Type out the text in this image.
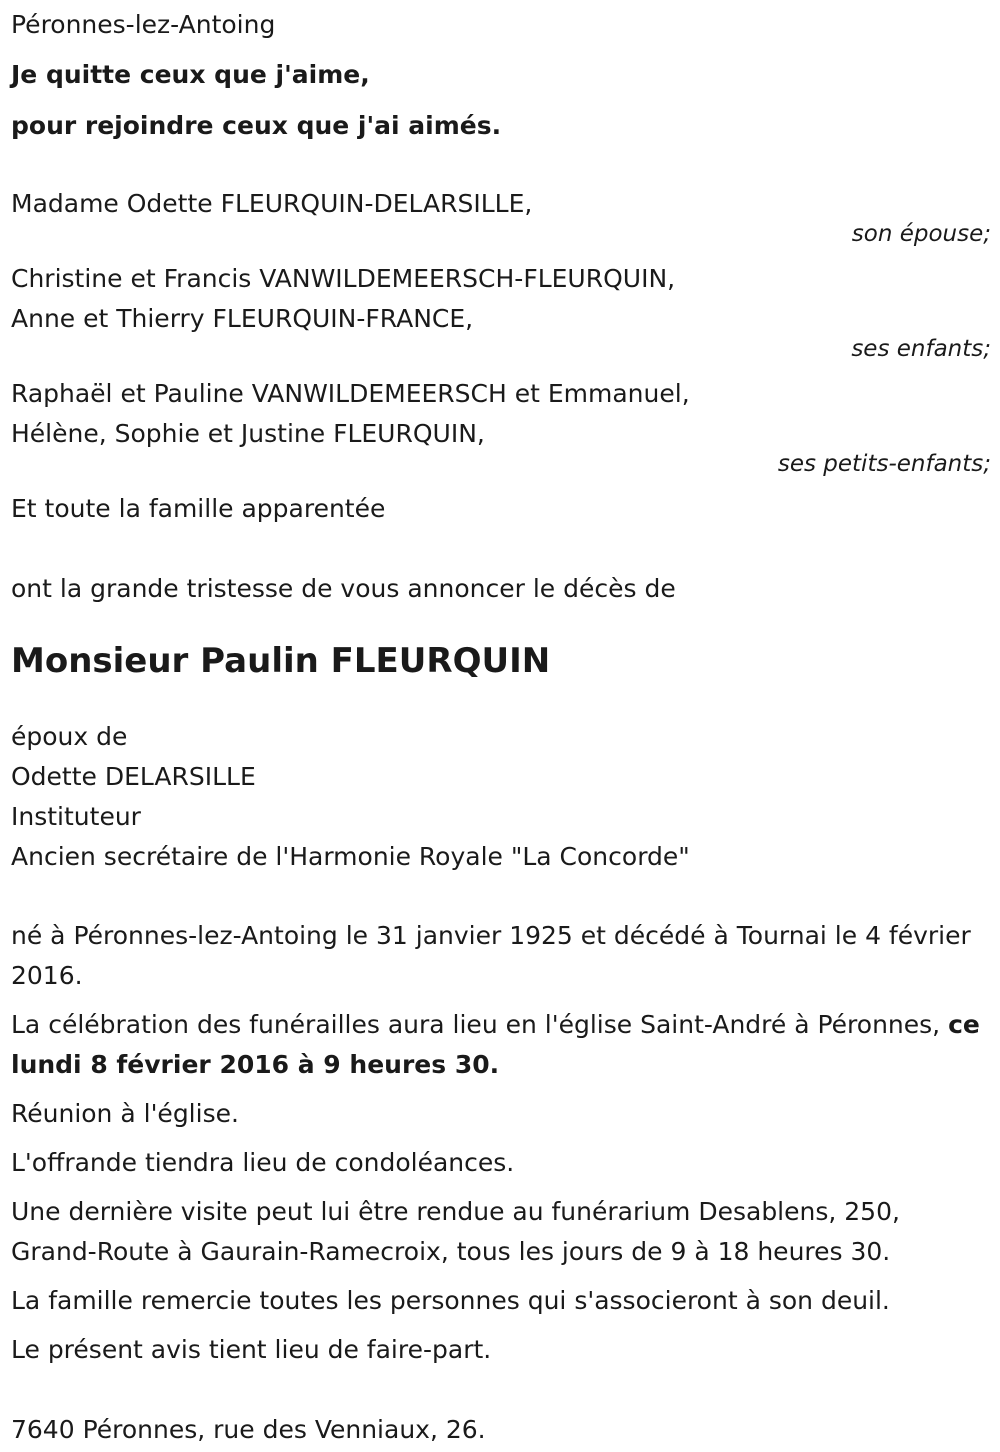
Péronnes-lez-Antoing
Je quitte ceux que j'aime,
pour rejoindre ceux que j'ai aimés.
Madame Odette FLEURQUIN-DELARSILLE,
son épouse;
Christine et Francis VANWILDEMEERSCH-FLEURQUIN,
Anne et Thierry FLEURQUIN-FRANCE,
ses enfants;
Raphaël et Pauline VANWILDEMEERSCH et Emmanuel,
Hélène, Sophie et Justine FLEURQUIN,
ses petits-enfants;
Et toute la famille apparentée
ont la grande tristesse de vous annoncer le décès de
Monsieur Paulin FLEURQUIN
époux de
Odette DELARSILLE
Instituteur
Ancien secrétaire de l'Harmonie Royale "La Concorde"
né à Péronnes-lez-Antoing le 31 janvier 1925 et décédé à Tournai le 4 février 2016.
La célébration des funérailles aura lieu en l'église Saint-André à Péronnes, ce lundi 8 février 2016 à 9 heures 30.
Réunion à l'église.
L'offrande tiendra lieu de condoléances.
Une dernière visite peut lui être rendue au funérarium Desablens, 250, Grand-Route à Gaurain-Ramecroix, tous les jours de 9 à 18 heures 30.
La famille remercie toutes les personnes qui s'associeront à son deuil.
Le présent avis tient lieu de faire-part.
7640 Péronnes, rue des Venniaux, 26.
